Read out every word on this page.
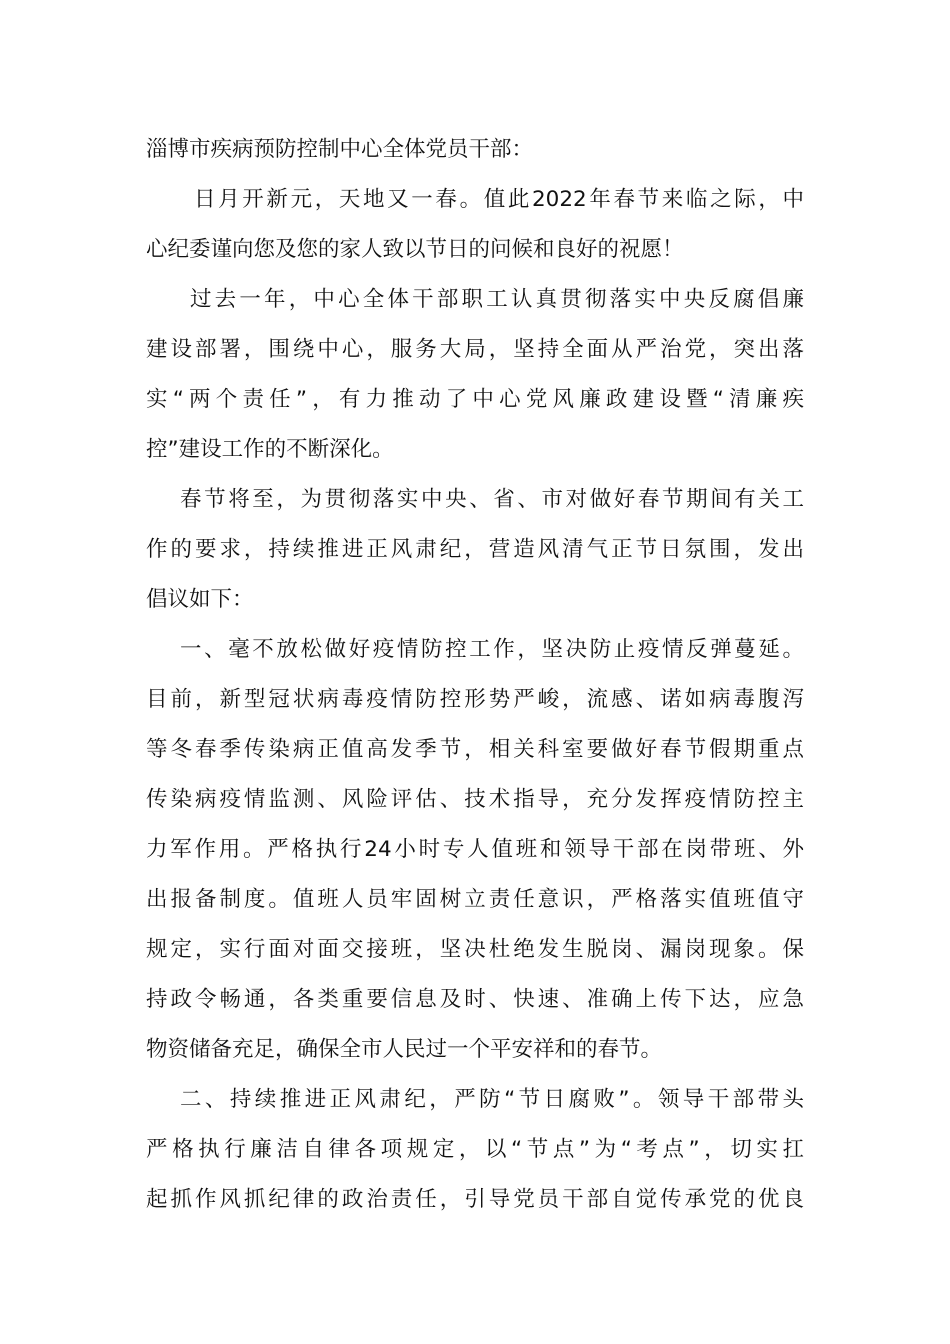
淄博市疾病预防控制中心全体党员干部：
日月开新元，天地又一春。值此2022年春节来临之际，中
心纪委谨向您及您的家人致以节日的问候和良好的祝愿！
过去一年，中心全体干部职工认真贯彻落实中央反腐倡廉
建设部署，围绕中心，服务大局，坚持全面从严治党，突出落
实“两个责任”，有力推动了中心党风廉政建设暨“清廉疾
控”建设工作的不断深化。
春节将至，为贯彻落实中央、省、市对做好春节期间有关工
作的要求，持续推进正风肃纪，营造风清气正节日氛围，发出
倡议如下：
一、毫不放松做好疫情防控工作，坚决防止疫情反弹蔓延。
目前，新型冠状病毒疫情防控形势严峻，流感、诺如病毒腹泻
等冬春季传染病正值高发季节，相关科室要做好春节假期重点
传染病疫情监测、风险评估、技术指导，充分发挥疫情防控主
力军作用。严格执行24小时专人值班和领导干部在岗带班、外
出报备制度。值班人员牢固树立责任意识，严格落实值班值守
规定，实行面对面交接班，坚决杜绝发生脱岗、漏岗现象。保
持政令畅通，各类重要信息及时、快速、准确上传下达，应急
物资储备充足，确保全市人民过一个平安祥和的春节。
二、持续推进正风肃纪，严防“节日腐败”。领导干部带头
严格执行廉洁自律各项规定，以“节点”为“考点”，切实扛
起抓作风抓纪律的政治责任，引导党员干部自觉传承党的优良
